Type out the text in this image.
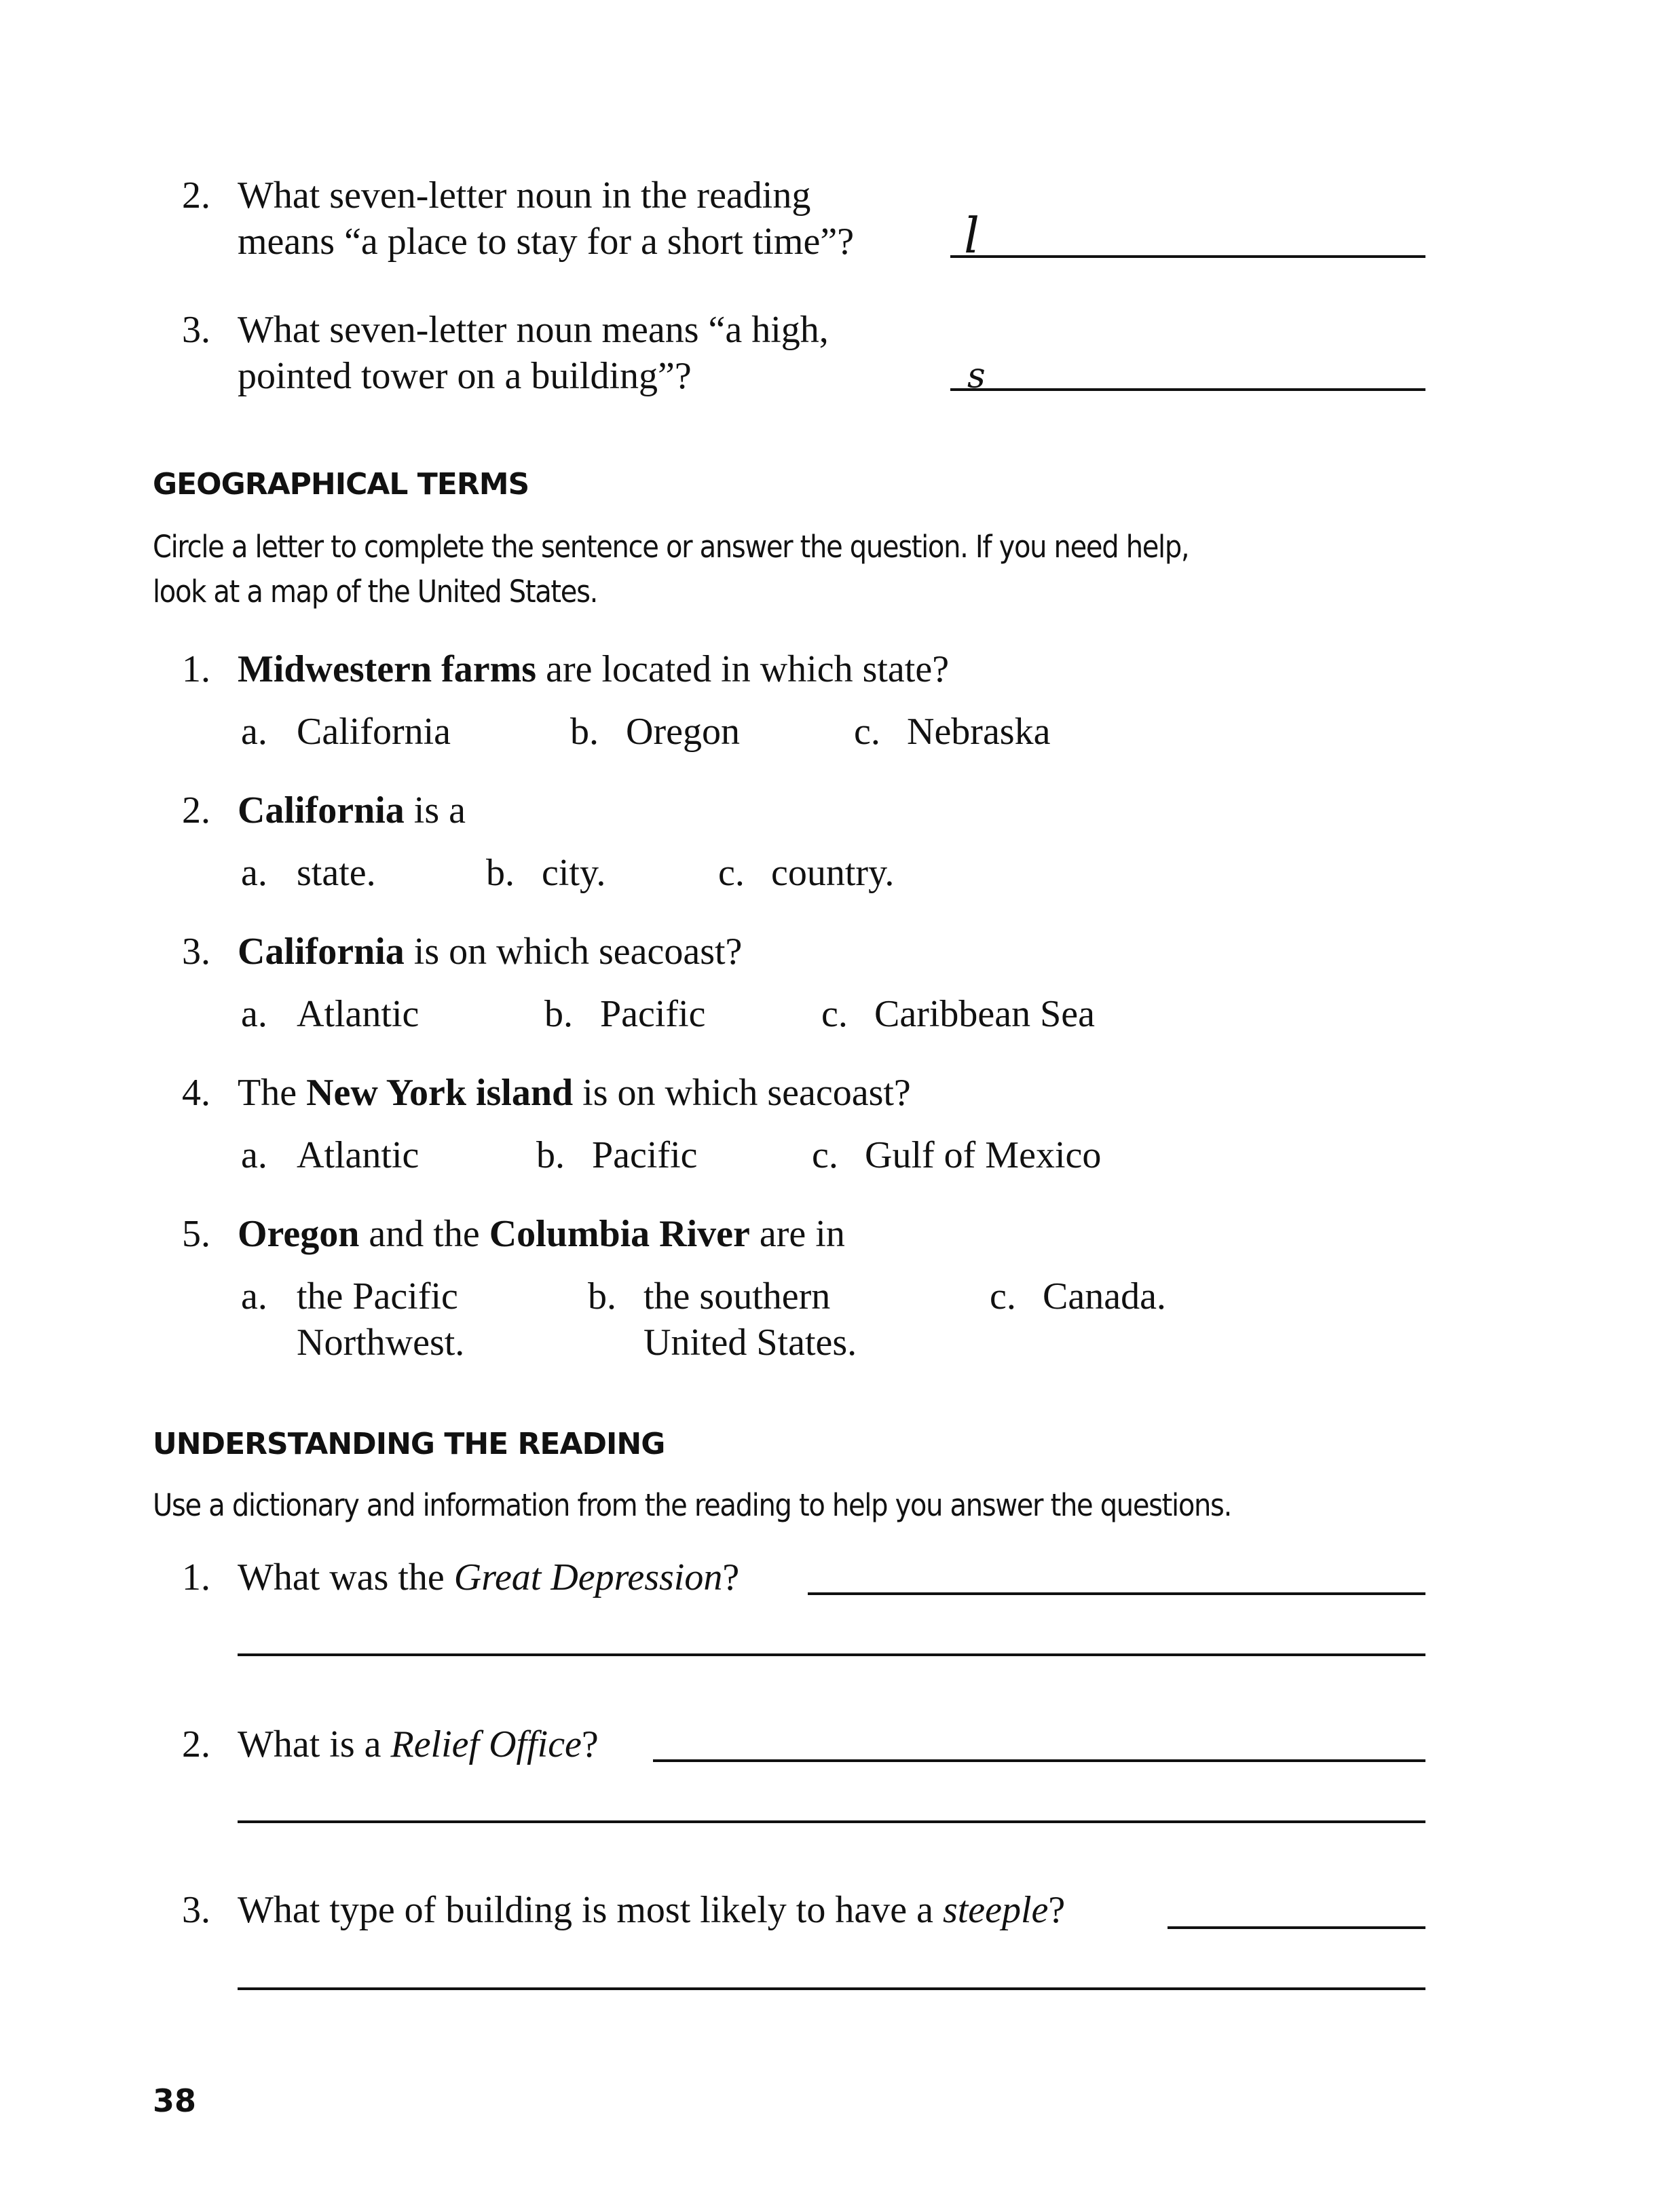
2. What seven-letter noun in the reading
means “a place to stay for a short time”? l
3. What seven-letter noun means “a high,
pointed tower on a building”?	s
GEOGRAPHICAL TERMS
Circle a letter to complete the sentence or answer the question. If you need help,
look at a map of the United States.
1. Midwestern farms are located in which state?
a. California	b. Oregon	c. Nebraska
2. California is a
a. state.	b. city.	c. country.
3. California is on which seacoast?
a. Atlantic	b. Pacific	c. Caribbean Sea
4. The New York island is on which seacoast?
a. Atlantic	b. Pacific	c. Gulf of Mexico
5. Oregon and the Columbia River are in
a. the Pacific
Northwest.
b. the southern
United States.
c. Canada.
UNDERSTANDING THE READING
Use a dictionary and information from the reading to help you answer the questions.
1. What was the Great Depression?
2. What is a Relief Office?
3. What type of building is most likely to have a steeple?
38
